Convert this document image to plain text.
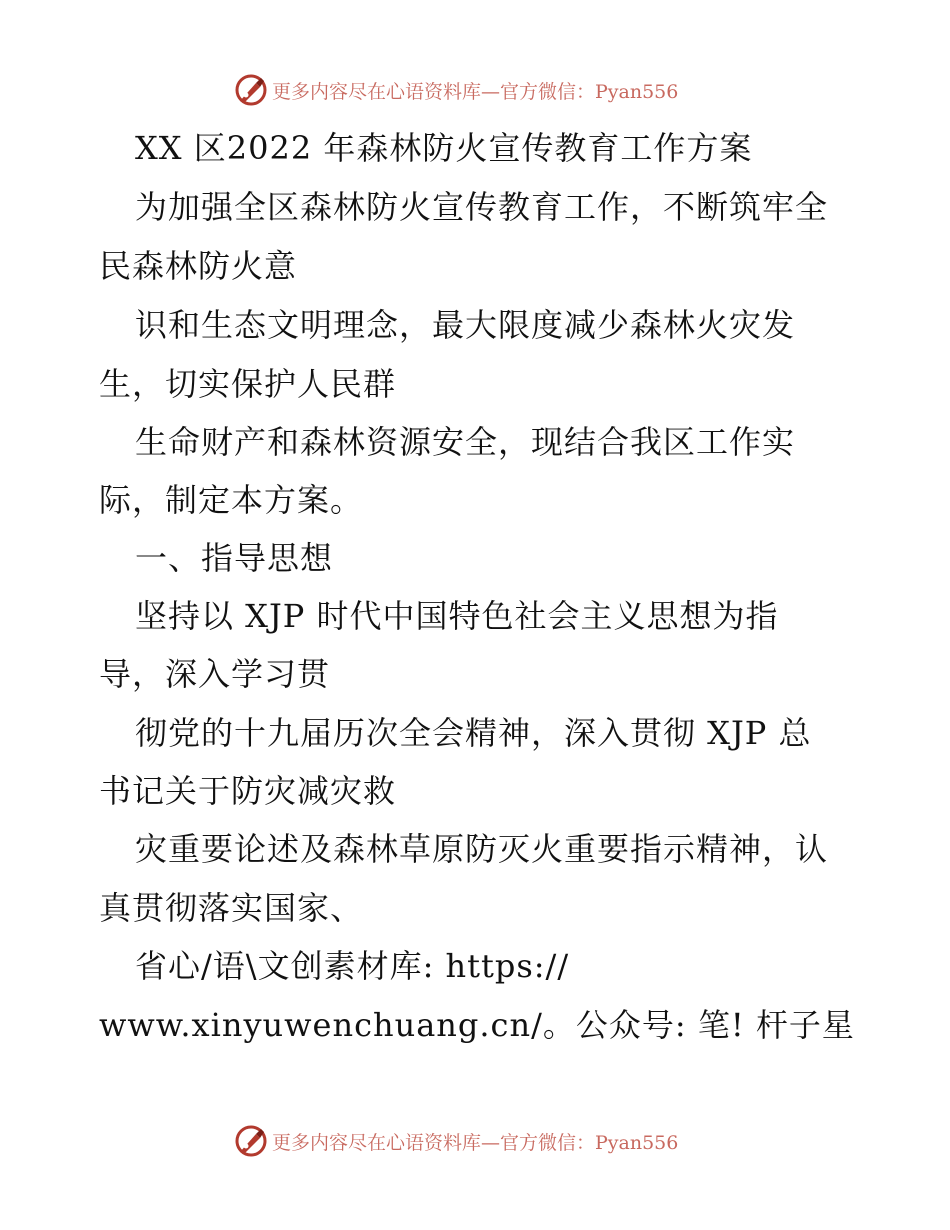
更多内容尽在心语资料库—官方微信：Pyan556
XX 区2022 年森林防火宣传教育工作方案
为加强全区森林防火宣传教育工作，不断筑牢全
民森林防火意
识和生态文明理念，最大限度减少森林火灾发
生，切实保护人民群
生命财产和森林资源安全，现结合我区工作实
际，制定本方案。
一、指导思想
坚持以 XJP 时代中国特色社会主义思想为指
导，深入学习贯
彻党的十九届历次全会精神，深入贯彻 XJP 总
书记关于防灾减灾救
灾重要论述及森林草原防灭火重要指示精神，认
真贯彻落实国家、
省心/语\文创素材库: https://
www.xinyuwenchuang.cn/。公众号: 笔! 杆子星
更多内容尽在心语资料库—官方微信：Pyan556
